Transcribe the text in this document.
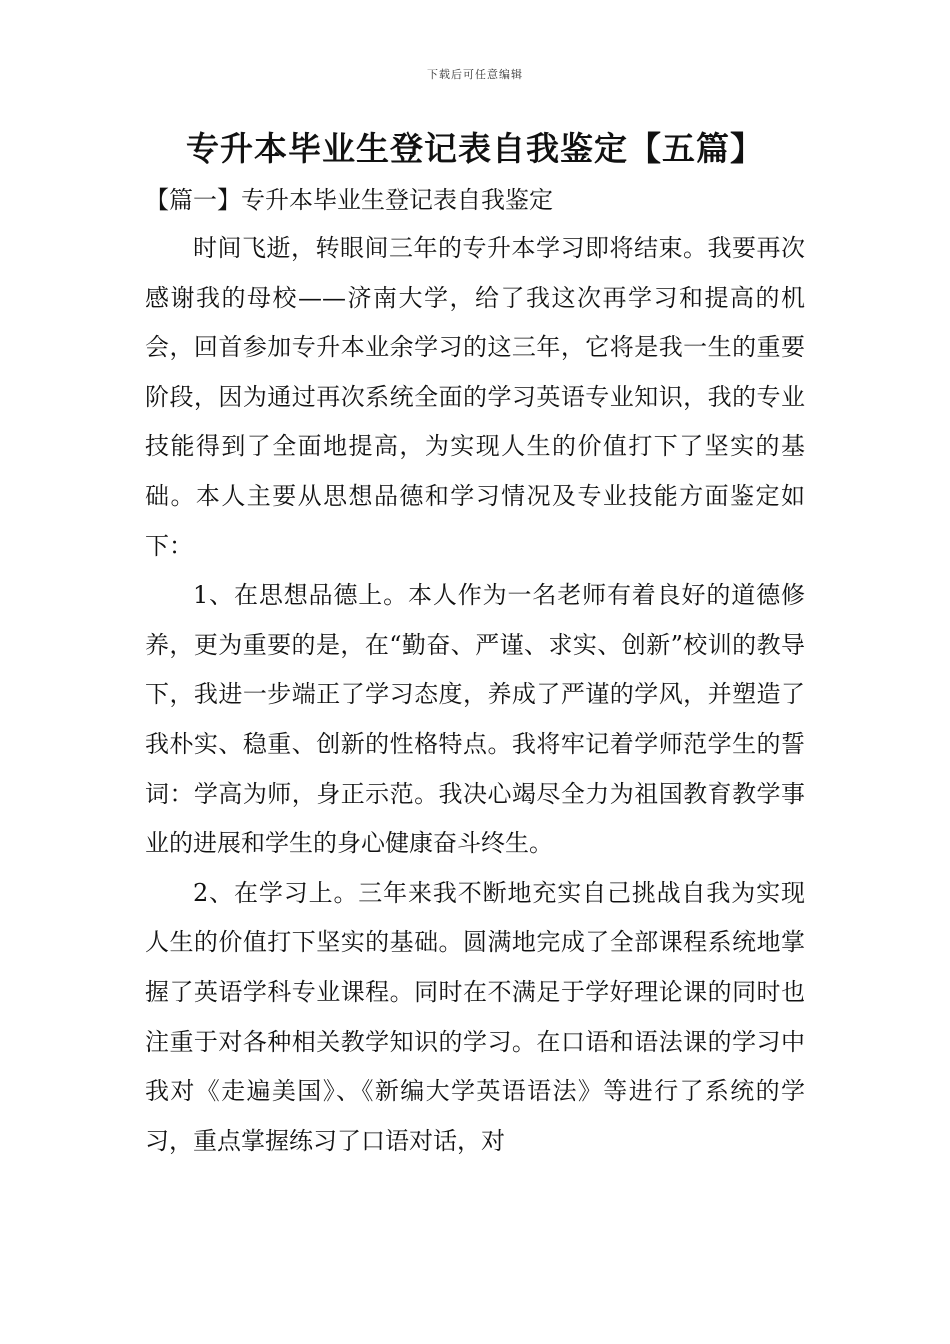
下载后可任意编辑
专升本毕业生登记表自我鉴定【五篇】
【篇一】专升本毕业生登记表自我鉴定

时间飞逝，转眼间三年的专升本学习即将结束。我要再次感谢我的母校——济南大学，给了我这次再学习和提高的机会，回首参加专升本业余学习的这三年，它将是我一生的重要阶段，因为通过再次系统全面的学习英语专业知识，我的专业技能得到了全面地提高，为实现人生的价值打下了坚实的基础。本人主要从思想品德和学习情况及专业技能方面鉴定如下：

1、在思想品德上。本人作为一名老师有着良好的道德修养，更为重要的是，在“勤奋、严谨、求实、创新”校训的教导下，我进一步端正了学习态度，养成了严谨的学风，并塑造了我朴实、稳重、创新的性格特点。我将牢记着学师范学生的誓词：学高为师，身正示范。我决心竭尽全力为祖国教育教学事业的进展和学生的身心健康奋斗终生。

2、在学习上。三年来我不断地充实自己挑战自我为实现人生的价值打下坚实的基础。圆满地完成了全部课程系统地掌握了英语学科专业课程。同时在不满足于学好理论课的同时也注重于对各种相关教学知识的学习。在口语和语法课的学习中我对《走遍美国》、《新编大学英语语法》等进行了系统的学习，重点掌握练习了口语对话，对
